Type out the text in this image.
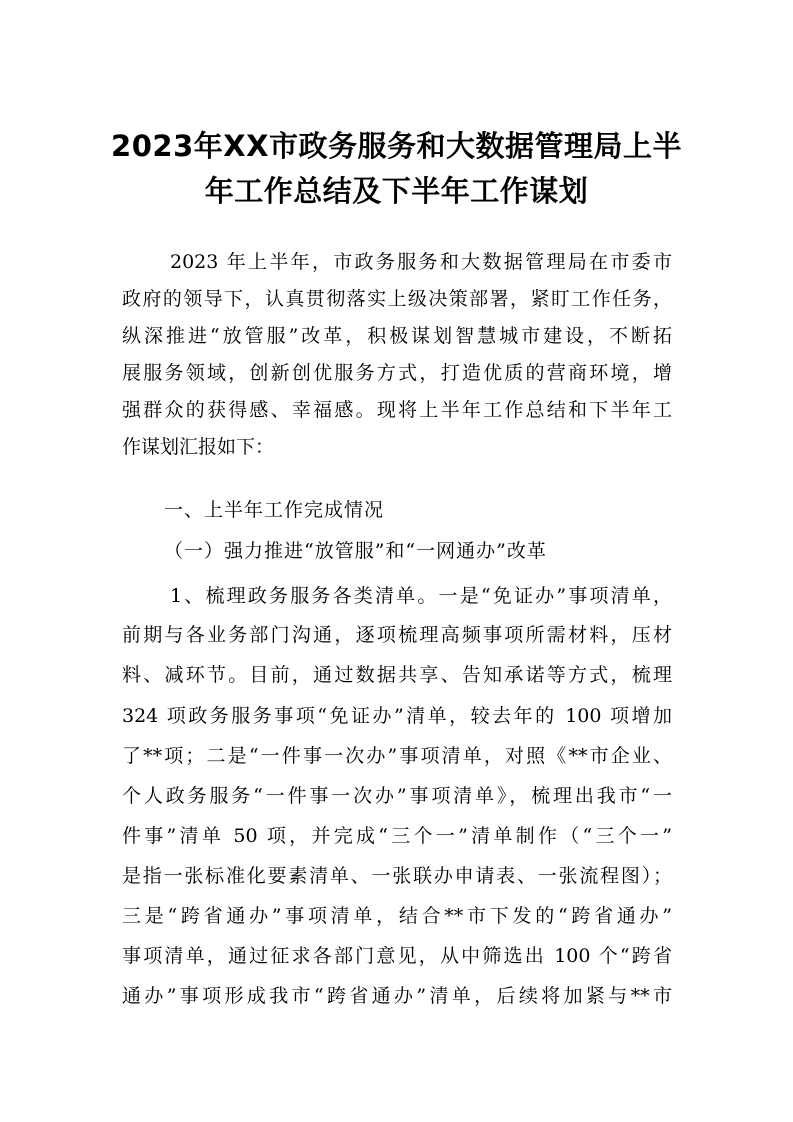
2023年XX市政务服务和大数据管理局上半
年工作总结及下半年工作谋划
2023 年上半年，市政务服务和大数据管理局在市委市
政府的领导下，认真贯彻落实上级决策部署，紧盯工作任务，
纵深推进“放管服”改革，积极谋划智慧城市建设，不断拓
展服务领域，创新创优服务方式，打造优质的营商环境，增
强群众的获得感、幸福感。现将上半年工作总结和下半年工
作谋划汇报如下：
一、上半年工作完成情况
（一）强力推进“放管服”和“一网通办”改革
1、梳理政务服务各类清单。一是“免证办”事项清单，
前期与各业务部门沟通，逐项梳理高频事项所需材料，压材
料、减环节。目前，通过数据共享、告知承诺等方式，梳理
324 项政务服务事项“免证办”清单，较去年的 100 项增加
了**项；二是“一件事一次办”事项清单，对照《**市企业、
个人政务服务“一件事一次办”事项清单》，梳理出我市“一
件事”清单 50 项，并完成“三个一”清单制作（“三个一”
是指一张标准化要素清单、一张联办申请表、一张流程图）；
三是“跨省通办”事项清单，结合**市下发的“跨省通办”
事项清单，通过征求各部门意见，从中筛选出 100 个“跨省
通办”事项形成我市“跨省通办”清单，后续将加紧与**市
